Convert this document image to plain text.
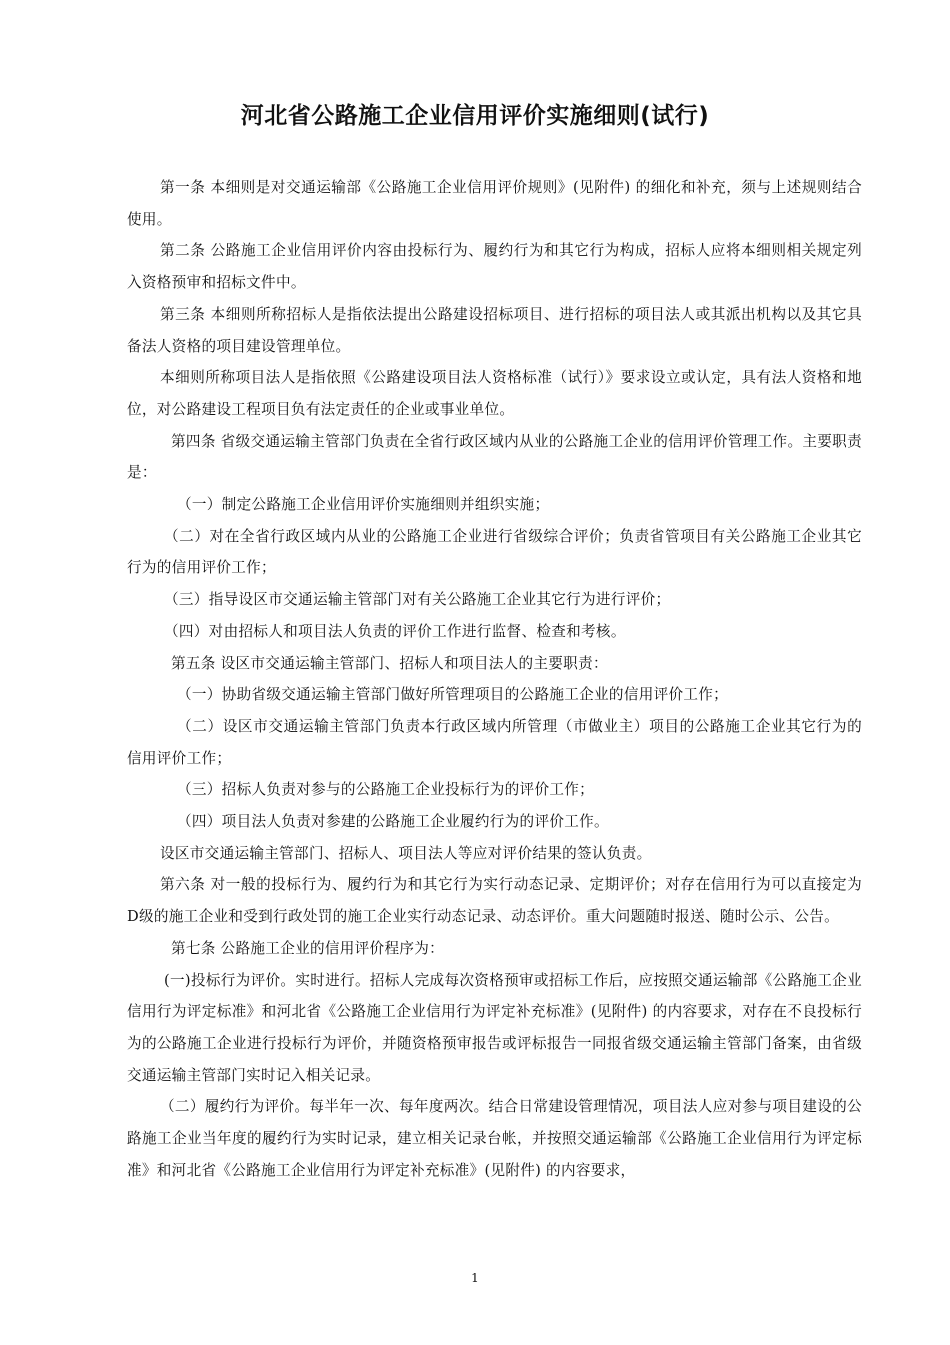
河北省公路施工企业信用评价实施细则(试行)

第一条 本细则是对交通运输部《公路施工企业信用评价规则》(见附件) 的细化和补充，须与上述规则结合使用。

第二条 公路施工企业信用评价内容由投标行为、履约行为和其它行为构成，招标人应将本细则相关规定列入资格预审和招标文件中。

第三条 本细则所称招标人是指依法提出公路建设招标项目、进行招标的项目法人或其派出机构以及其它具备法人资格的项目建设管理单位。

本细则所称项目法人是指依照《公路建设项目法人资格标准（试行）》要求设立或认定，具有法人资格和地位，对公路建设工程项目负有法定责任的企业或事业单位。

第四条 省级交通运输主管部门负责在全省行政区域内从业的公路施工企业的信用评价管理工作。主要职责是：

（一）制定公路施工企业信用评价实施细则并组织实施；

（二）对在全省行政区域内从业的公路施工企业进行省级综合评价；负责省管项目有关公路施工企业其它行为的信用评价工作；

（三）指导设区市交通运输主管部门对有关公路施工企业其它行为进行评价；

（四）对由招标人和项目法人负责的评价工作进行监督、检查和考核。

第五条 设区市交通运输主管部门、招标人和项目法人的主要职责：

（一）协助省级交通运输主管部门做好所管理项目的公路施工企业的信用评价工作；

（二）设区市交通运输主管部门负责本行政区域内所管理（市做业主）项目的公路施工企业其它行为的信用评价工作；

（三）招标人负责对参与的公路施工企业投标行为的评价工作；

（四）项目法人负责对参建的公路施工企业履约行为的评价工作。

设区市交通运输主管部门、招标人、项目法人等应对评价结果的签认负责。

第六条 对一般的投标行为、履约行为和其它行为实行动态记录、定期评价；对存在信用行为可以直接定为D级的施工企业和受到行政处罚的施工企业实行动态记录、动态评价。重大问题随时报送、随时公示、公告。

第七条 公路施工企业的信用评价程序为：

(一)投标行为评价。实时进行。招标人完成每次资格预审或招标工作后，应按照交通运输部《公路施工企业信用行为评定标准》和河北省《公路施工企业信用行为评定补充标准》(见附件) 的内容要求，对存在不良投标行为的公路施工企业进行投标行为评价，并随资格预审报告或评标报告一同报省级交通运输主管部门备案，由省级交通运输主管部门实时记入相关记录。

（二）履约行为评价。每半年一次、每年度两次。结合日常建设管理情况，项目法人应对参与项目建设的公路施工企业当年度的履约行为实时记录，建立相关记录台帐，并按照交通运输部《公路施工企业信用行为评定标准》和河北省《公路施工企业信用行为评定补充标准》(见附件) 的内容要求，

1
